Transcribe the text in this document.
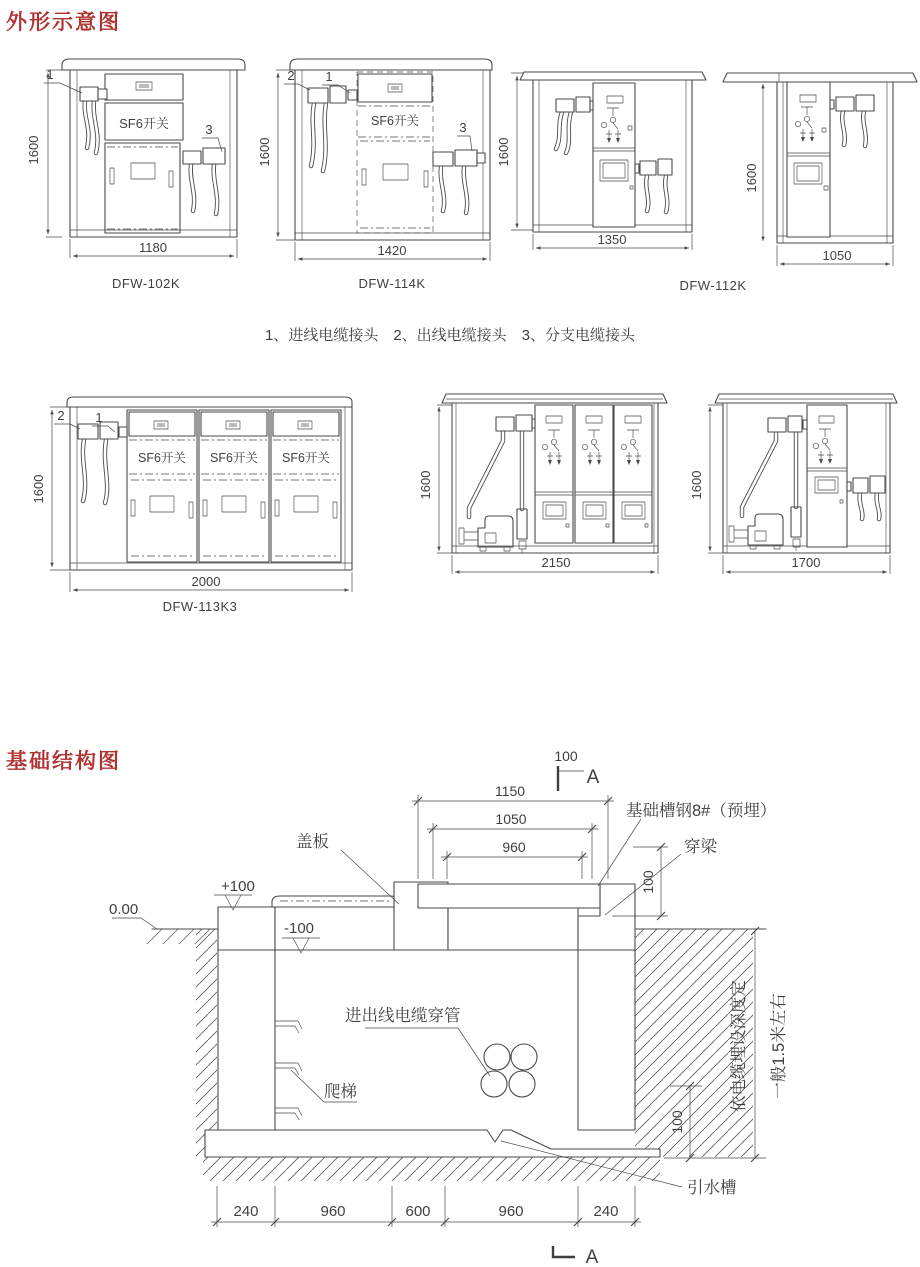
外形示意图
SF6开关
1
3
1600
1180
DFW-102K
SF6开关
2 1
3
1600
1420
DFW-114K
1600
1350
1600
1050
DFW-112K
1、进线电缆接头　2、出线电缆接头　3、分支电缆接头
SF6开关 SF6开关 SF6开关
2 1
1600
2000
DFW-113K3
1600
2150
1600
1700
基础结构图
0.00
+100
-100
1150
1050
960
100
A
盖板
基础槽钢8#（预埋）
穿梁
100
进出线电缆穿管
爬梯
引水槽
依电缆埋设深度定 一般1.5米左右
100
240	960	600	960	240
A
